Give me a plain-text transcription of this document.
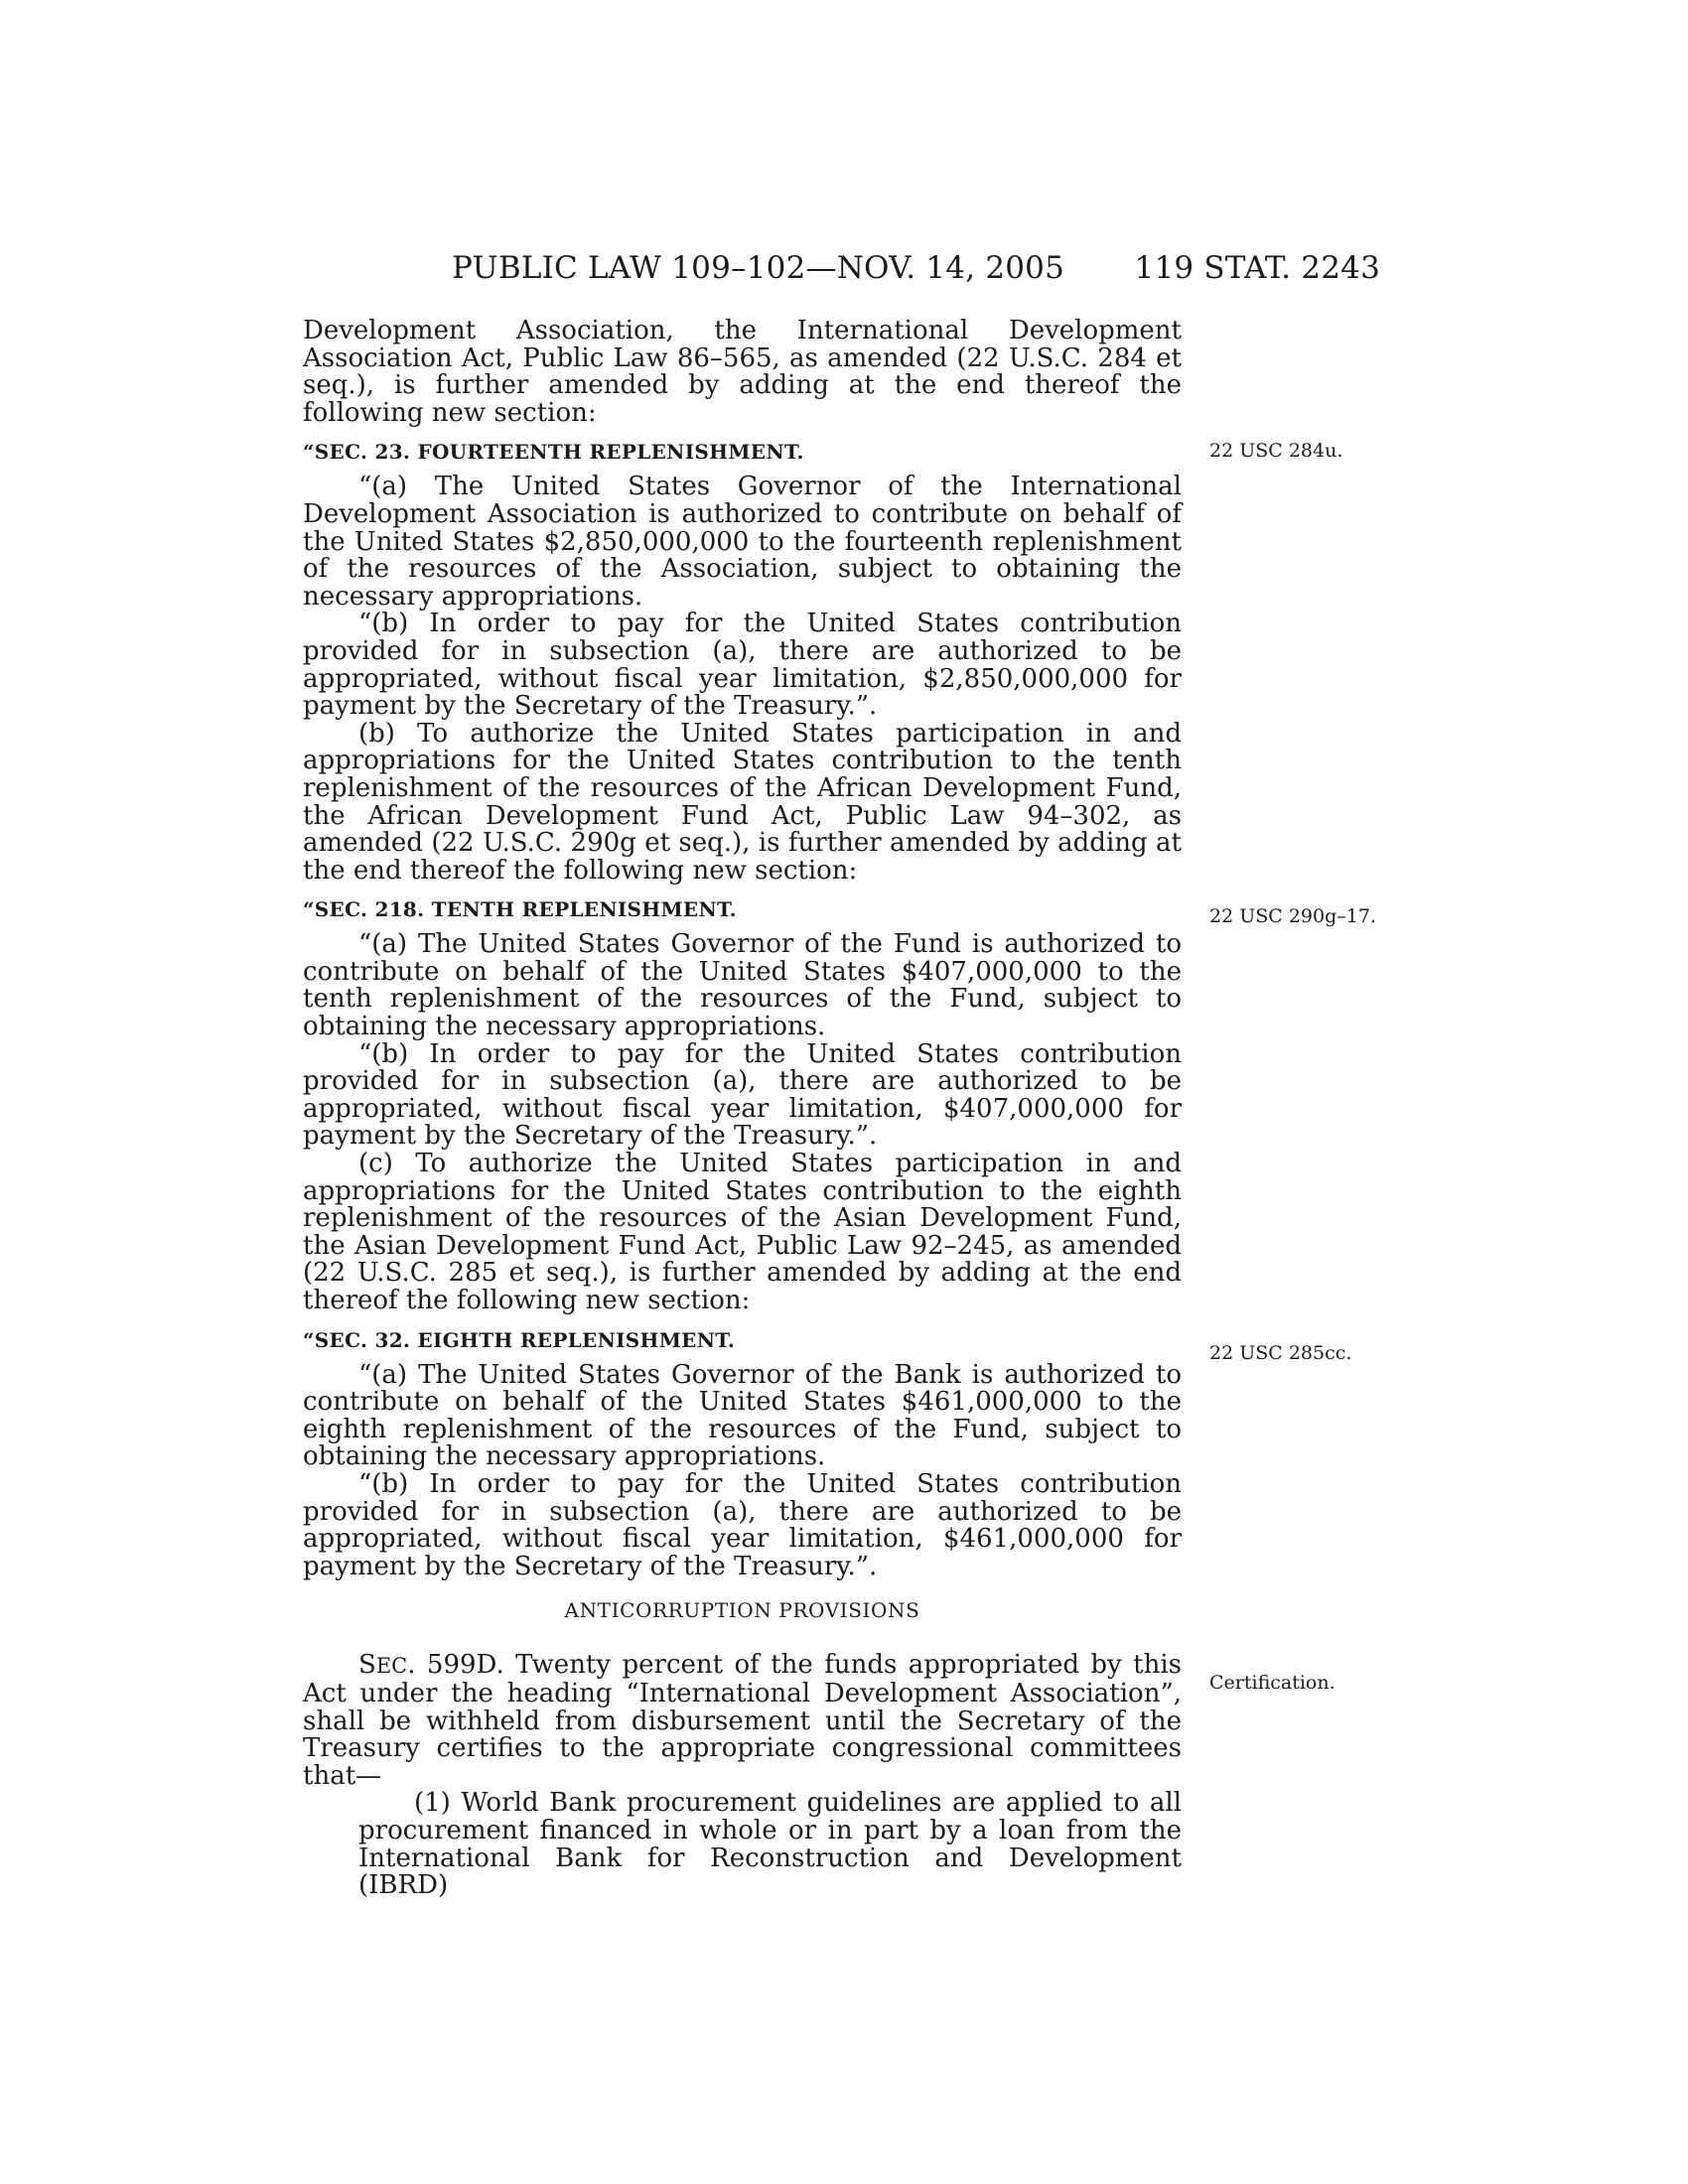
PUBLIC LAW 109–102—NOV. 14, 2005 119 STAT. 2243
22 USC 284u.
22 USC 290g–17.
22 USC 285cc.
Certification.

Development Association, the International Development Association Act, Public Law 86–565, as amended (22 U.S.C. 284 et seq.), is further amended by adding at the end thereof the following new section:

“SEC. 23. FOURTEENTH REPLENISHMENT.

“(a) The United States Governor of the International Development Association is authorized to contribute on behalf of the United States $2,850,000,000 to the fourteenth replenishment of the resources of the Association, subject to obtaining the necessary appropriations.

“(b) In order to pay for the United States contribution provided for in subsection (a), there are authorized to be appropriated, without fiscal year limitation, $2,850,000,000 for payment by the Secretary of the Treasury.”.

(b) To authorize the United States participation in and appropriations for the United States contribution to the tenth replenishment of the resources of the African Development Fund, the African Development Fund Act, Public Law 94–302, as amended (22 U.S.C. 290g et seq.), is further amended by adding at the end thereof the following new section:

“SEC. 218. TENTH REPLENISHMENT.

“(a) The United States Governor of the Fund is authorized to contribute on behalf of the United States $407,000,000 to the tenth replenishment of the resources of the Fund, subject to obtaining the necessary appropriations.

“(b) In order to pay for the United States contribution provided for in subsection (a), there are authorized to be appropriated, without fiscal year limitation, $407,000,000 for payment by the Secretary of the Treasury.”.

(c) To authorize the United States participation in and appropriations for the United States contribution to the eighth replenishment of the resources of the Asian Development Fund, the Asian Development Fund Act, Public Law 92–245, as amended (22 U.S.C. 285 et seq.), is further amended by adding at the end thereof the following new section:

“SEC. 32. EIGHTH REPLENISHMENT.

“(a) The United States Governor of the Bank is authorized to contribute on behalf of the United States $461,000,000 to the eighth replenishment of the resources of the Fund, subject to obtaining the necessary appropriations.

“(b) In order to pay for the United States contribution provided for in subsection (a), there are authorized to be appropriated, without fiscal year limitation, $461,000,000 for payment by the Secretary of the Treasury.”.

ANTICORRUPTION PROVISIONS

SEC. 599D. Twenty percent of the funds appropriated by this Act under the heading “International Development Association”, shall be withheld from disbursement until the Secretary of the Treasury certifies to the appropriate congressional committees that—

(1) World Bank procurement guidelines are applied to all procurement financed in whole or in part by a loan from the International Bank for Reconstruction and Development (IBRD)
